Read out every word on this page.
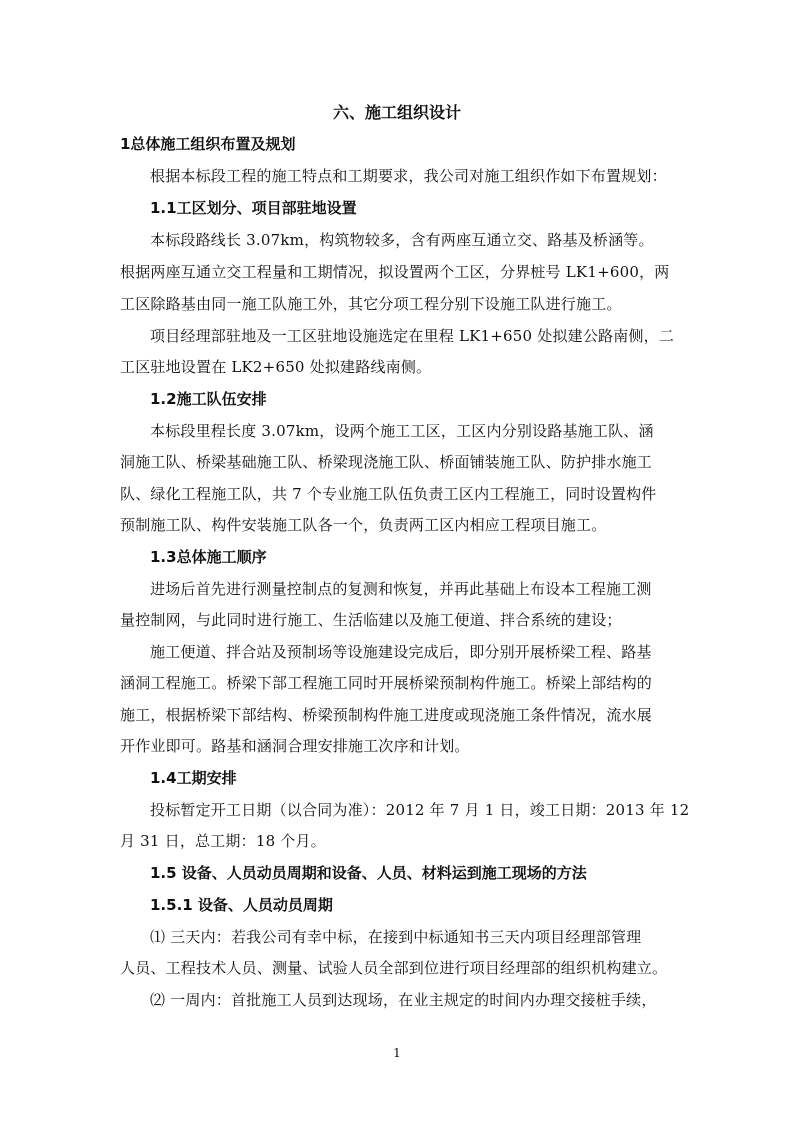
六、施工组织设计
1总体施工组织布置及规划
根据本标段工程的施工特点和工期要求，我公司对施工组织作如下布置规划：
1.1工区划分、项目部驻地设置
本标段路线长 3.07km，构筑物较多，含有两座互通立交、路基及桥涵等。
根据两座互通立交工程量和工期情况，拟设置两个工区，分界桩号 LK1+600，两
工区除路基由同一施工队施工外，其它分项工程分别下设施工队进行施工。
项目经理部驻地及一工区驻地设施选定在里程 LK1+650 处拟建公路南侧，二
工区驻地设置在 LK2+650 处拟建路线南侧。
1.2施工队伍安排
本标段里程长度 3.07km，设两个施工工区，工区内分别设路基施工队、涵
洞施工队、桥梁基础施工队、桥梁现浇施工队、桥面铺装施工队、防护排水施工
队、绿化工程施工队，共 7 个专业施工队伍负责工区内工程施工，同时设置构件
预制施工队、构件安装施工队各一个，负责两工区内相应工程项目施工。
1.3总体施工顺序
进场后首先进行测量控制点的复测和恢复，并再此基础上布设本工程施工测
量控制网，与此同时进行施工、生活临建以及施工便道、拌合系统的建设；
施工便道、拌合站及预制场等设施建设完成后，即分别开展桥梁工程、路基
涵洞工程施工。桥梁下部工程施工同时开展桥梁预制构件施工。桥梁上部结构的
施工，根据桥梁下部结构、桥梁预制构件施工进度或现浇施工条件情况，流水展
开作业即可。路基和涵洞合理安排施工次序和计划。
1.4工期安排
投标暂定开工日期（以合同为准）：2012 年 7 月 1 日，竣工日期：2013 年 12
月 31 日，总工期：18 个月。
1.5 设备、人员动员周期和设备、人员、材料运到施工现场的方法
1.5.1 设备、人员动员周期
⑴ 三天内：若我公司有幸中标，在接到中标通知书三天内项目经理部管理
人员、工程技术人员、测量、试验人员全部到位进行项目经理部的组织机构建立。
⑵ 一周内：首批施工人员到达现场，在业主规定的时间内办理交接桩手续，
1
